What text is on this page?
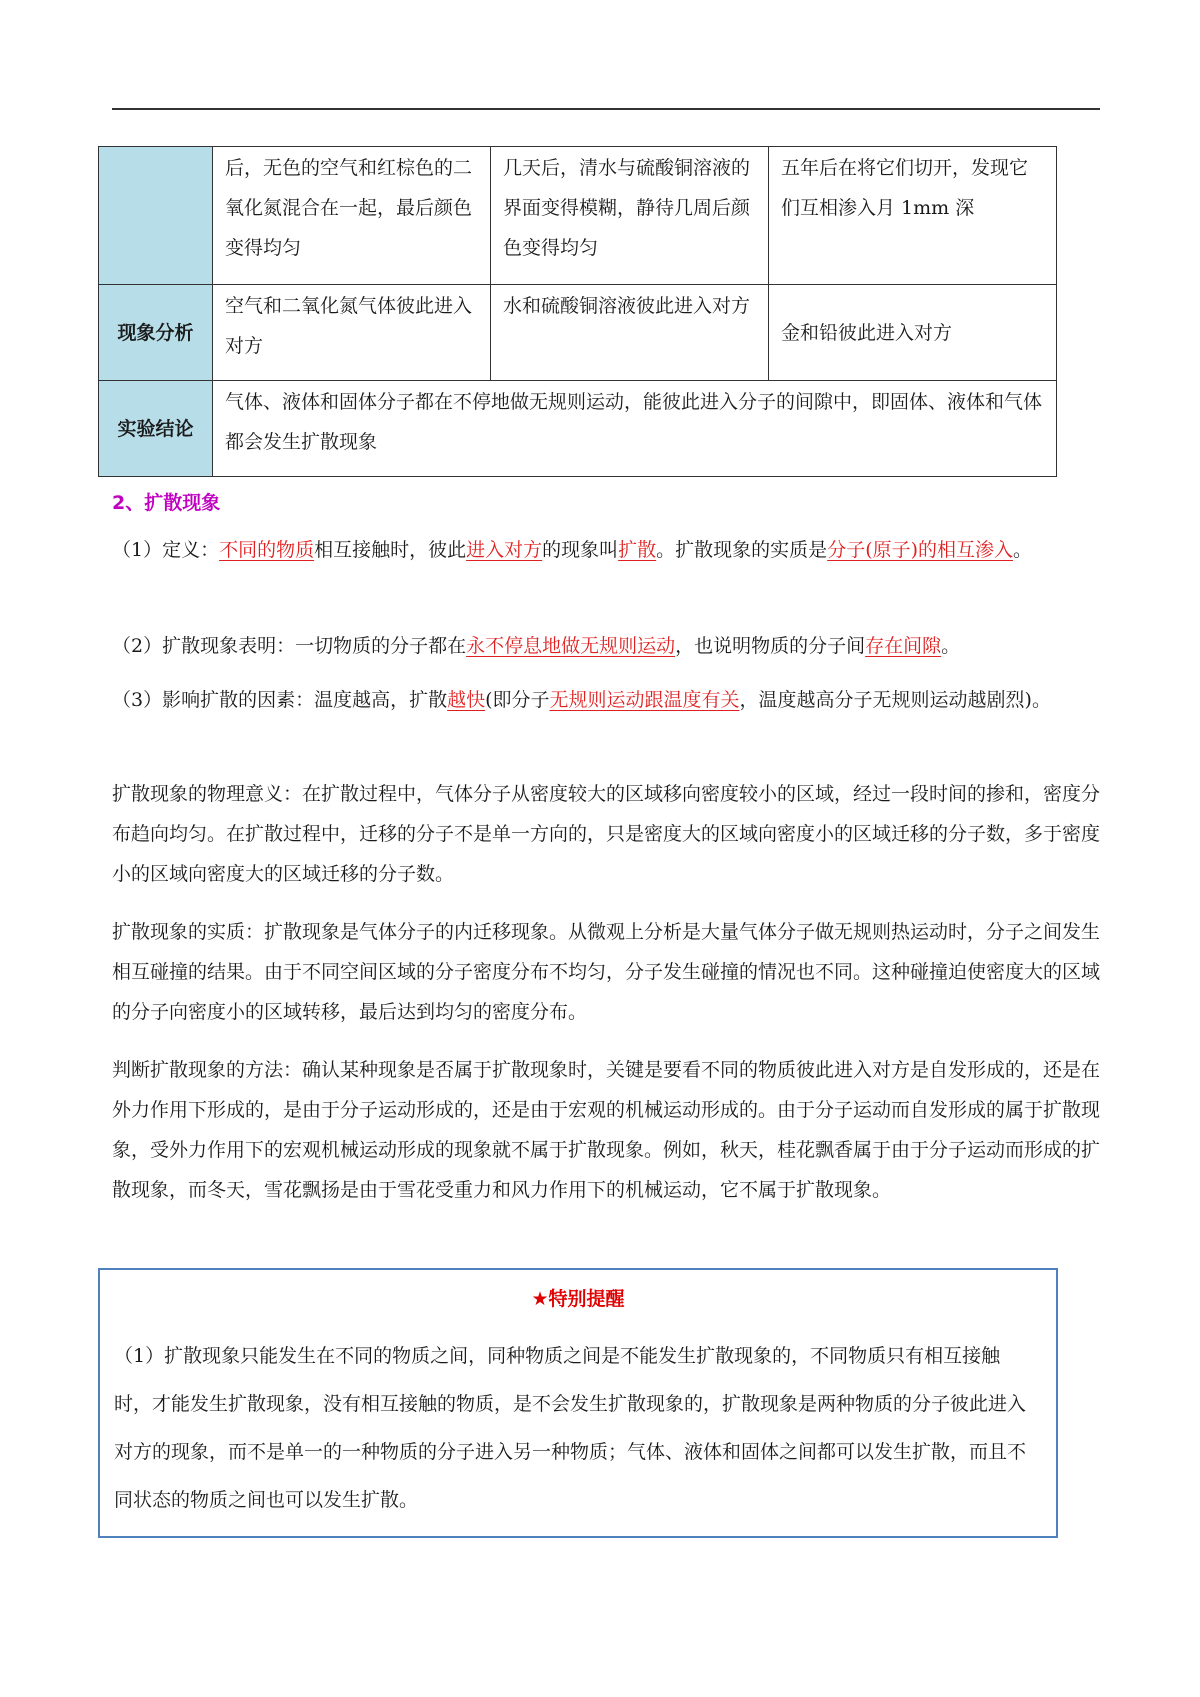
	后，无色的空气和红棕色的二氧化氮混合在一起，最后颜色变得均匀	几天后，清水与硫酸铜溶液的界面变得模糊，静待几周后颜色变得均匀	五年后在将它们切开，发现它们互相渗入月 1mm 深
现象分析	空气和二氧化氮气体彼此进入对方	水和硫酸铜溶液彼此进入对方	金和铅彼此进入对方
实验结论	气体、液体和固体分子都在不停地做无规则运动，能彼此进入分子的间隙中，即固体、液体和气体都会发生扩散现象		
2、扩散现象

（1）定义：不同的物质相互接触时，彼此进入对方的现象叫扩散。扩散现象的实质是分子(原子)的相互渗入。

（2）扩散现象表明：一切物质的分子都在永不停息地做无规则运动，也说明物质的分子间存在间隙。

（3）影响扩散的因素：温度越高，扩散越快(即分子无规则运动跟温度有关，温度越高分子无规则运动越剧烈)。

扩散现象的物理意义：在扩散过程中，气体分子从密度较大的区域移向密度较小的区域，经过一段时间的掺和，密度分布趋向均匀。在扩散过程中，迁移的分子不是单一方向的，只是密度大的区域向密度小的区域迁移的分子数，多于密度小的区域向密度大的区域迁移的分子数。

扩散现象的实质：扩散现象是气体分子的内迁移现象。从微观上分析是大量气体分子做无规则热运动时，分子之间发生相互碰撞的结果。由于不同空间区域的分子密度分布不均匀，分子发生碰撞的情况也不同。这种碰撞迫使密度大的区域的分子向密度小的区域转移，最后达到均匀的密度分布。

判断扩散现象的方法：确认某种现象是否属于扩散现象时，关键是要看不同的物质彼此进入对方是自发形成的，还是在外力作用下形成的，是由于分子运动形成的，还是由于宏观的机械运动形成的。由于分子运动而自发形成的属于扩散现象，受外力作用下的宏观机械运动形成的现象就不属于扩散现象。例如，秋天，桂花飘香属于由于分子运动而形成的扩散现象，而冬天，雪花飘扬是由于雪花受重力和风力作用下的机械运动，它不属于扩散现象。

★特别提醒

（1）扩散现象只能发生在不同的物质之间，同种物质之间是不能发生扩散现象的，不同物质只有相互接触时，才能发生扩散现象，没有相互接触的物质，是不会发生扩散现象的，扩散现象是两种物质的分子彼此进入对方的现象，而不是单一的一种物质的分子进入另一种物质；气体、液体和固体之间都可以发生扩散，而且不同状态的物质之间也可以发生扩散。
